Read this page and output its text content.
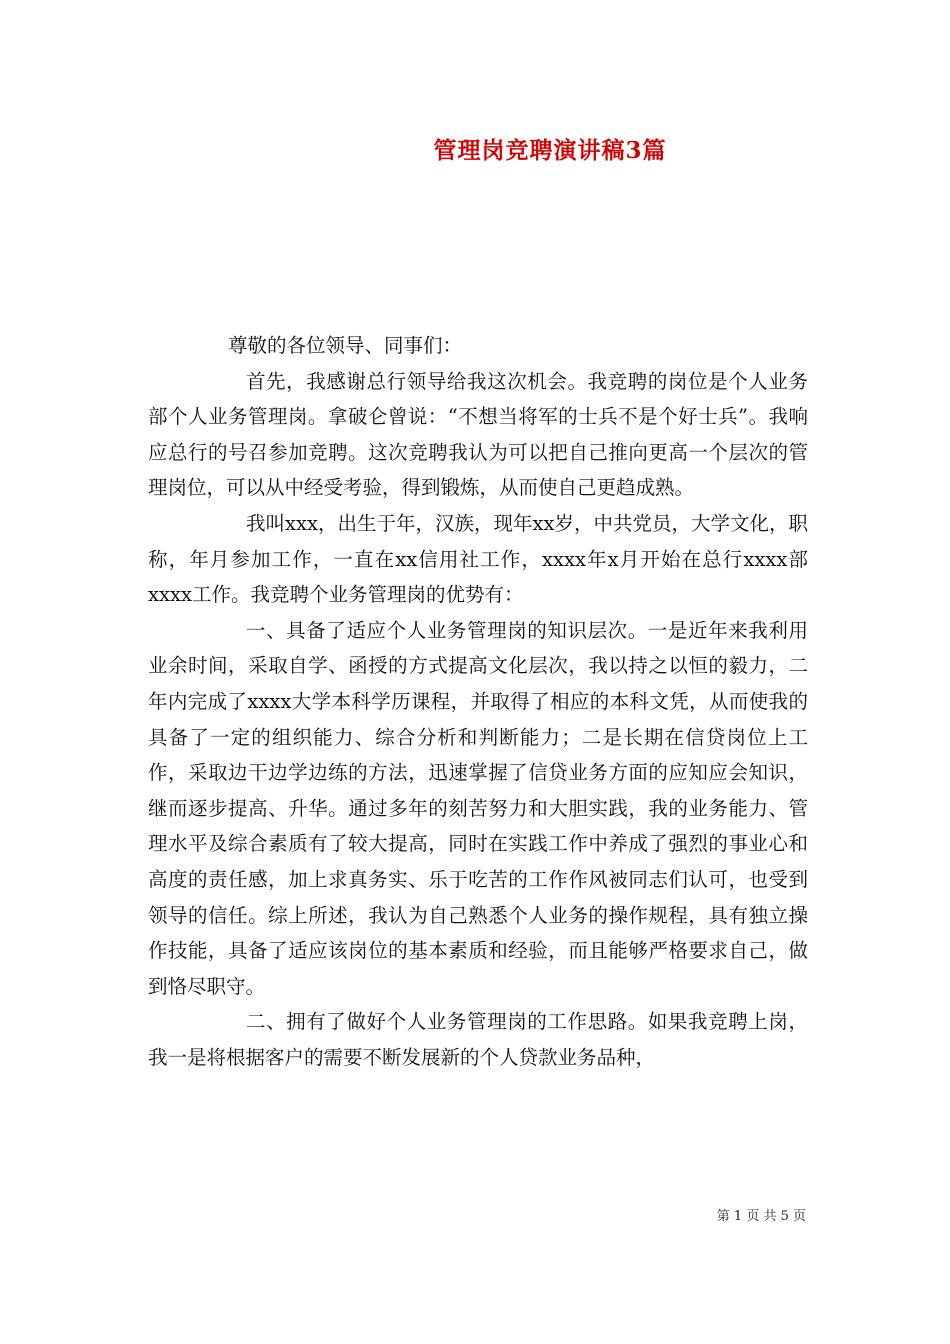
管理岗竞聘演讲稿3篇

尊敬的各位领导、同事们：

首先，我感谢总行领导给我这次机会。我竞聘的岗位是个人业务部个人业务管理岗。拿破仑曾说：“不想当将军的士兵不是个好士兵”。我响应总行的号召参加竞聘。这次竞聘我认为可以把自己推向更高一个层次的管理岗位，可以从中经受考验，得到锻炼，从而使自己更趋成熟。

我叫xxx，出生于年，汉族，现年xx岁，中共党员，大学文化，职称，年月参加工作，一直在xx信用社工作，xxxx年x月开始在总行xxxx部xxxx工作。我竞聘个业务管理岗的优势有：

一、具备了适应个人业务管理岗的知识层次。一是近年来我利用业余时间，采取自学、函授的方式提高文化层次，我以持之以恒的毅力，二年内完成了xxxx大学本科学历课程，并取得了相应的本科文凭，从而使我的具备了一定的组织能力、综合分析和判断能力；二是长期在信贷岗位上工作，采取边干边学边练的方法，迅速掌握了信贷业务方面的应知应会知识，继而逐步提高、升华。通过多年的刻苦努力和大胆实践，我的业务能力、管理水平及综合素质有了较大提高，同时在实践工作中养成了强烈的事业心和高度的责任感，加上求真务实、乐于吃苦的工作作风被同志们认可，也受到领导的信任。综上所述，我认为自己熟悉个人业务的操作规程，具有独立操作技能，具备了适应该岗位的基本素质和经验，而且能够严格要求自己，做到恪尽职守。

二、拥有了做好个人业务管理岗的工作思路。如果我竞聘上岗，我一是将根据客户的需要不断发展新的个人贷款业务品种，

第 1 页 共 5 页
